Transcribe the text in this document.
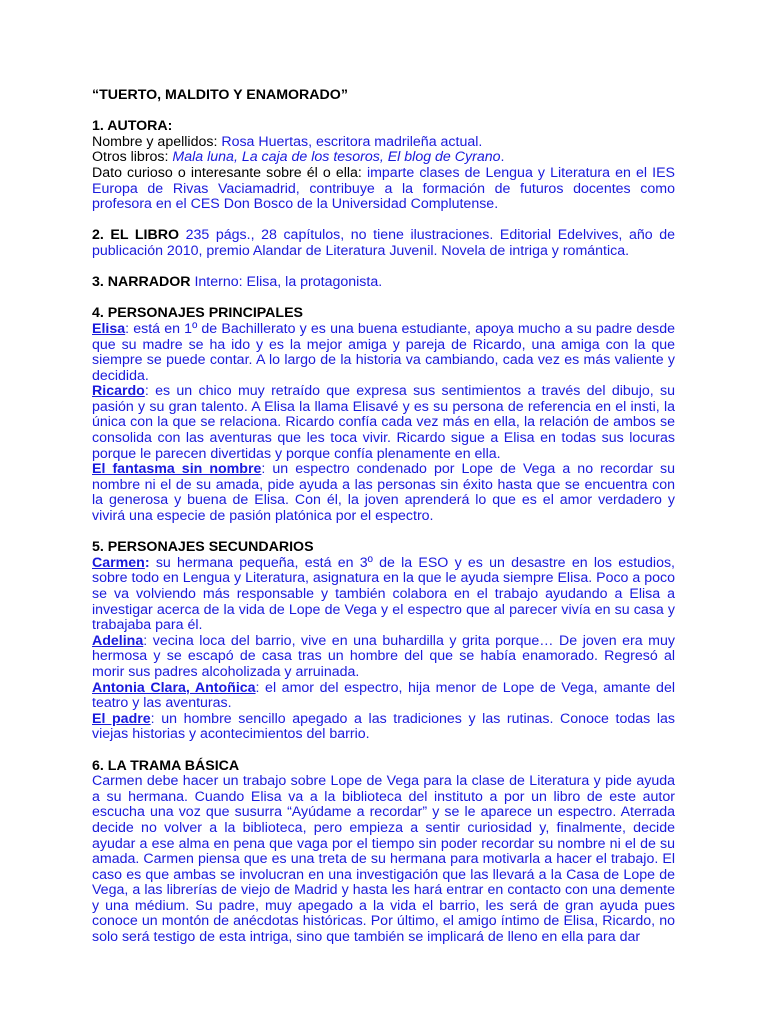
“TUERTO, MALDITO Y ENAMORADO”

1. AUTORA:

Nombre y apellidos: Rosa Huertas, escritora madrileña actual.

Otros libros: Mala luna, La caja de los tesoros, El blog de Cyrano.

Dato curioso o interesante sobre él o ella: imparte clases de Lengua y Literatura en el IES Europa de Rivas Vaciamadrid, contribuye a la formación de futuros docentes como profesora en el CES Don Bosco de la Universidad Complutense.

2. EL LIBRO 235 págs., 28 capítulos, no tiene ilustraciones. Editorial Edelvives, año de publicación 2010, premio Alandar de Literatura Juvenil. Novela de intriga y romántica.

3. NARRADOR Interno: Elisa, la protagonista.

4. PERSONAJES PRINCIPALES

Elisa: está en 1º de Bachillerato y es una buena estudiante, apoya mucho a su padre desde que su madre se ha ido y es la mejor amiga y pareja de Ricardo, una amiga con la que siempre se puede contar. A lo largo de la historia va cambiando, cada vez es más valiente y decidida.

Ricardo: es un chico muy retraído que expresa sus sentimientos a través del dibujo, su pasión y su gran talento. A Elisa la llama Elisavé y es su persona de referencia en el insti, la única con la que se relaciona. Ricardo confía cada vez más en ella, la relación de ambos se consolida con las aventuras que les toca vivir. Ricardo sigue a Elisa en todas sus locuras porque le parecen divertidas y porque confía plenamente en ella.

El fantasma sin nombre: un espectro condenado por Lope de Vega a no recordar su nombre ni el de su amada, pide ayuda a las personas sin éxito hasta que se encuentra con la generosa y buena de Elisa. Con él, la joven aprenderá lo que es el amor verdadero y vivirá una especie de pasión platónica por el espectro.

5. PERSONAJES SECUNDARIOS

Carmen: su hermana pequeña, está en 3º de la ESO y es un desastre en los estudios, sobre todo en Lengua y Literatura, asignatura en la que le ayuda siempre Elisa. Poco a poco se va volviendo más responsable y también colabora en el trabajo ayudando a Elisa a investigar acerca de la vida de Lope de Vega y el espectro que al parecer vivía en su casa y trabajaba para él.

Adelina: vecina loca del barrio, vive en una buhardilla y grita porque… De joven era muy hermosa y se escapó de casa tras un hombre del que se había enamorado. Regresó al morir sus padres alcoholizada y arruinada.

Antonia Clara, Antoñica: el amor del espectro, hija menor de Lope de Vega, amante del teatro y las aventuras.

El padre: un hombre sencillo apegado a las tradiciones y las rutinas. Conoce todas las viejas historias y acontecimientos del barrio.

6. LA TRAMA BÁSICA

Carmen debe hacer un trabajo sobre Lope de Vega para la clase de Literatura y pide ayuda a su hermana. Cuando Elisa va a la biblioteca del instituto a por un libro de este autor escucha una voz que susurra “Ayúdame a recordar” y se le aparece un espectro. Aterrada decide no volver a la biblioteca, pero empieza a sentir curiosidad y, finalmente, decide ayudar a ese alma en pena que vaga por el tiempo sin poder recordar su nombre ni el de su amada. Carmen piensa que es una treta de su hermana para motivarla a hacer el trabajo. El caso es que ambas se involucran en una investigación que las llevará a la Casa de Lope de Vega, a las librerías de viejo de Madrid y hasta les hará entrar en contacto con una demente y una médium. Su padre, muy apegado a la vida el barrio, les será de gran ayuda pues conoce un montón de anécdotas históricas. Por último, el amigo íntimo de Elisa, Ricardo, no solo será testigo de esta intriga, sino que también se implicará de lleno en ella para dar
